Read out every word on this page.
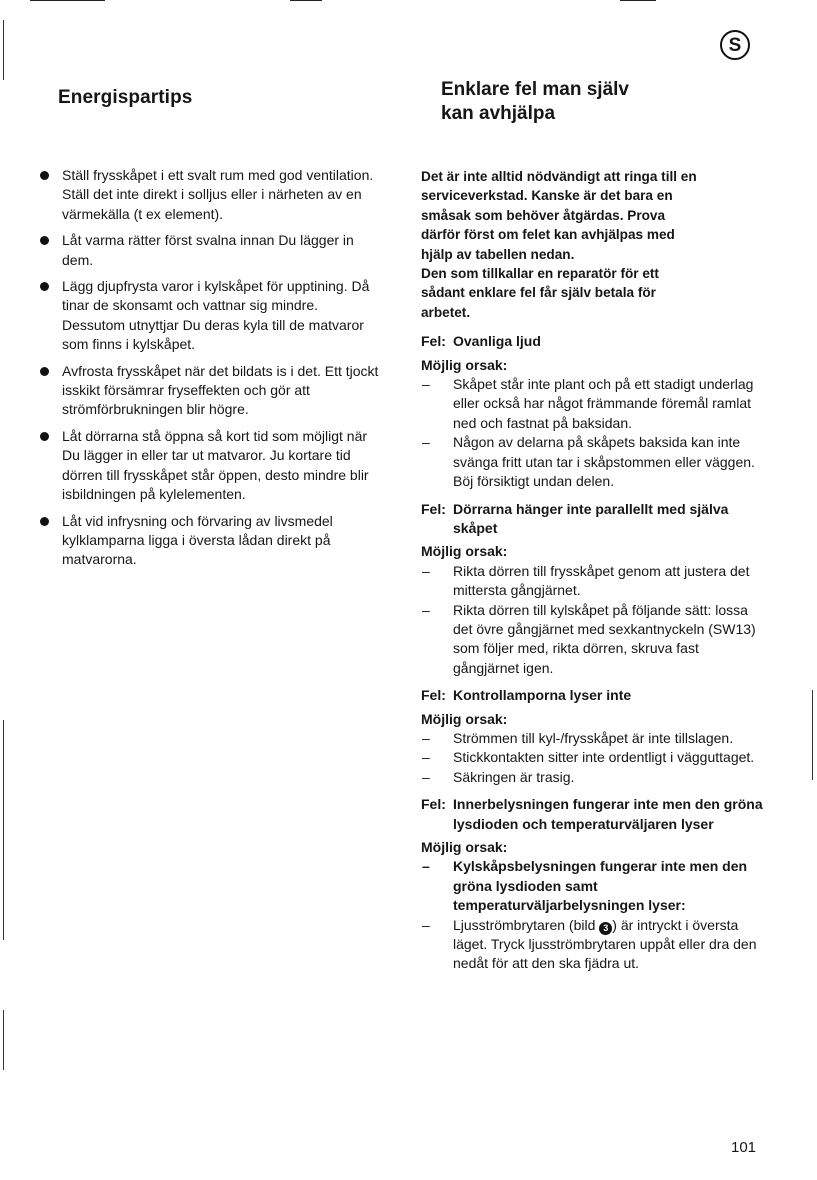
S
Energispartips
Ställ frysskåpet i ett svalt rum med god ventilation. Ställ det inte direkt i solljus eller i närheten av en värmekälla (t ex element).
Låt varma rätter först svalna innan Du lägger in dem.
Lägg djupfrysta varor i kylskåpet för upptining. Då tinar de skonsamt och vattnar sig mindre. Dessutom utnyttjar Du deras kyla till de matvaror som finns i kylskåpet.
Avfrosta frysskåpet när det bildats is i det. Ett tjockt isskikt försämrar fryseffekten och gör att strömförbrukningen blir högre.
Låt dörrarna stå öppna så kort tid som möjligt när Du lägger in eller tar ut matvaror. Ju kortare tid dörren till frysskåpet står öppen, desto mindre blir isbildningen på kylelementen.
Låt vid infrysning och förvaring av livsmedel kylklamparna ligga i översta lådan direkt på matvarorna.
Enklare fel man själv
kan avhjälpa

Det är inte alltid nödvändigt att ringa till en
serviceverkstad. Kanske är det bara en
småsak som behöver åtgärdas. Prova
därför först om felet kan avhjälpas med
hjälp av tabellen nedan.
Den som tillkallar en reparatör för ett
sådant enklare fel får själv betala för
arbetet.

Fel: Ovanliga ljud
Möjlig orsak:
– Skåpet står inte plant och på ett stadigt underlag eller också har något främmande föremål ramlat ned och fastnat på baksidan.
– Någon av delarna på skåpets baksida kan inte svänga fritt utan tar i skåpstommen eller väggen. Böj försiktigt undan delen.
Fel: Dörrarna hänger inte parallellt med själva skåpet
Möjlig orsak:
– Rikta dörren till frysskåpet genom att justera det mittersta gångjärnet.
– Rikta dörren till kylskåpet på följande sätt: lossa det övre gångjärnet med sexkantnyckeln (SW13) som följer med, rikta dörren, skruva fast gångjärnet igen.
Fel: Kontrollamporna lyser inte
Möjlig orsak:
– Strömmen till kyl-/frysskåpet är inte tillslagen.
– Stickkontakten sitter inte ordentligt i vägguttaget.
– Säkringen är trasig.
Fel: Innerbelysningen fungerar inte men den gröna lysdioden och temperaturväljaren lyser
Möjlig orsak:
– Kylskåpsbelysningen fungerar inte men den gröna lysdioden samt temperaturväljarbelysningen lyser:
– Ljusströmbrytaren (bild 3 ) är intryckt i översta läget. Tryck ljusströmbrytaren uppåt eller dra den nedåt för att den ska fjädra ut.
101
